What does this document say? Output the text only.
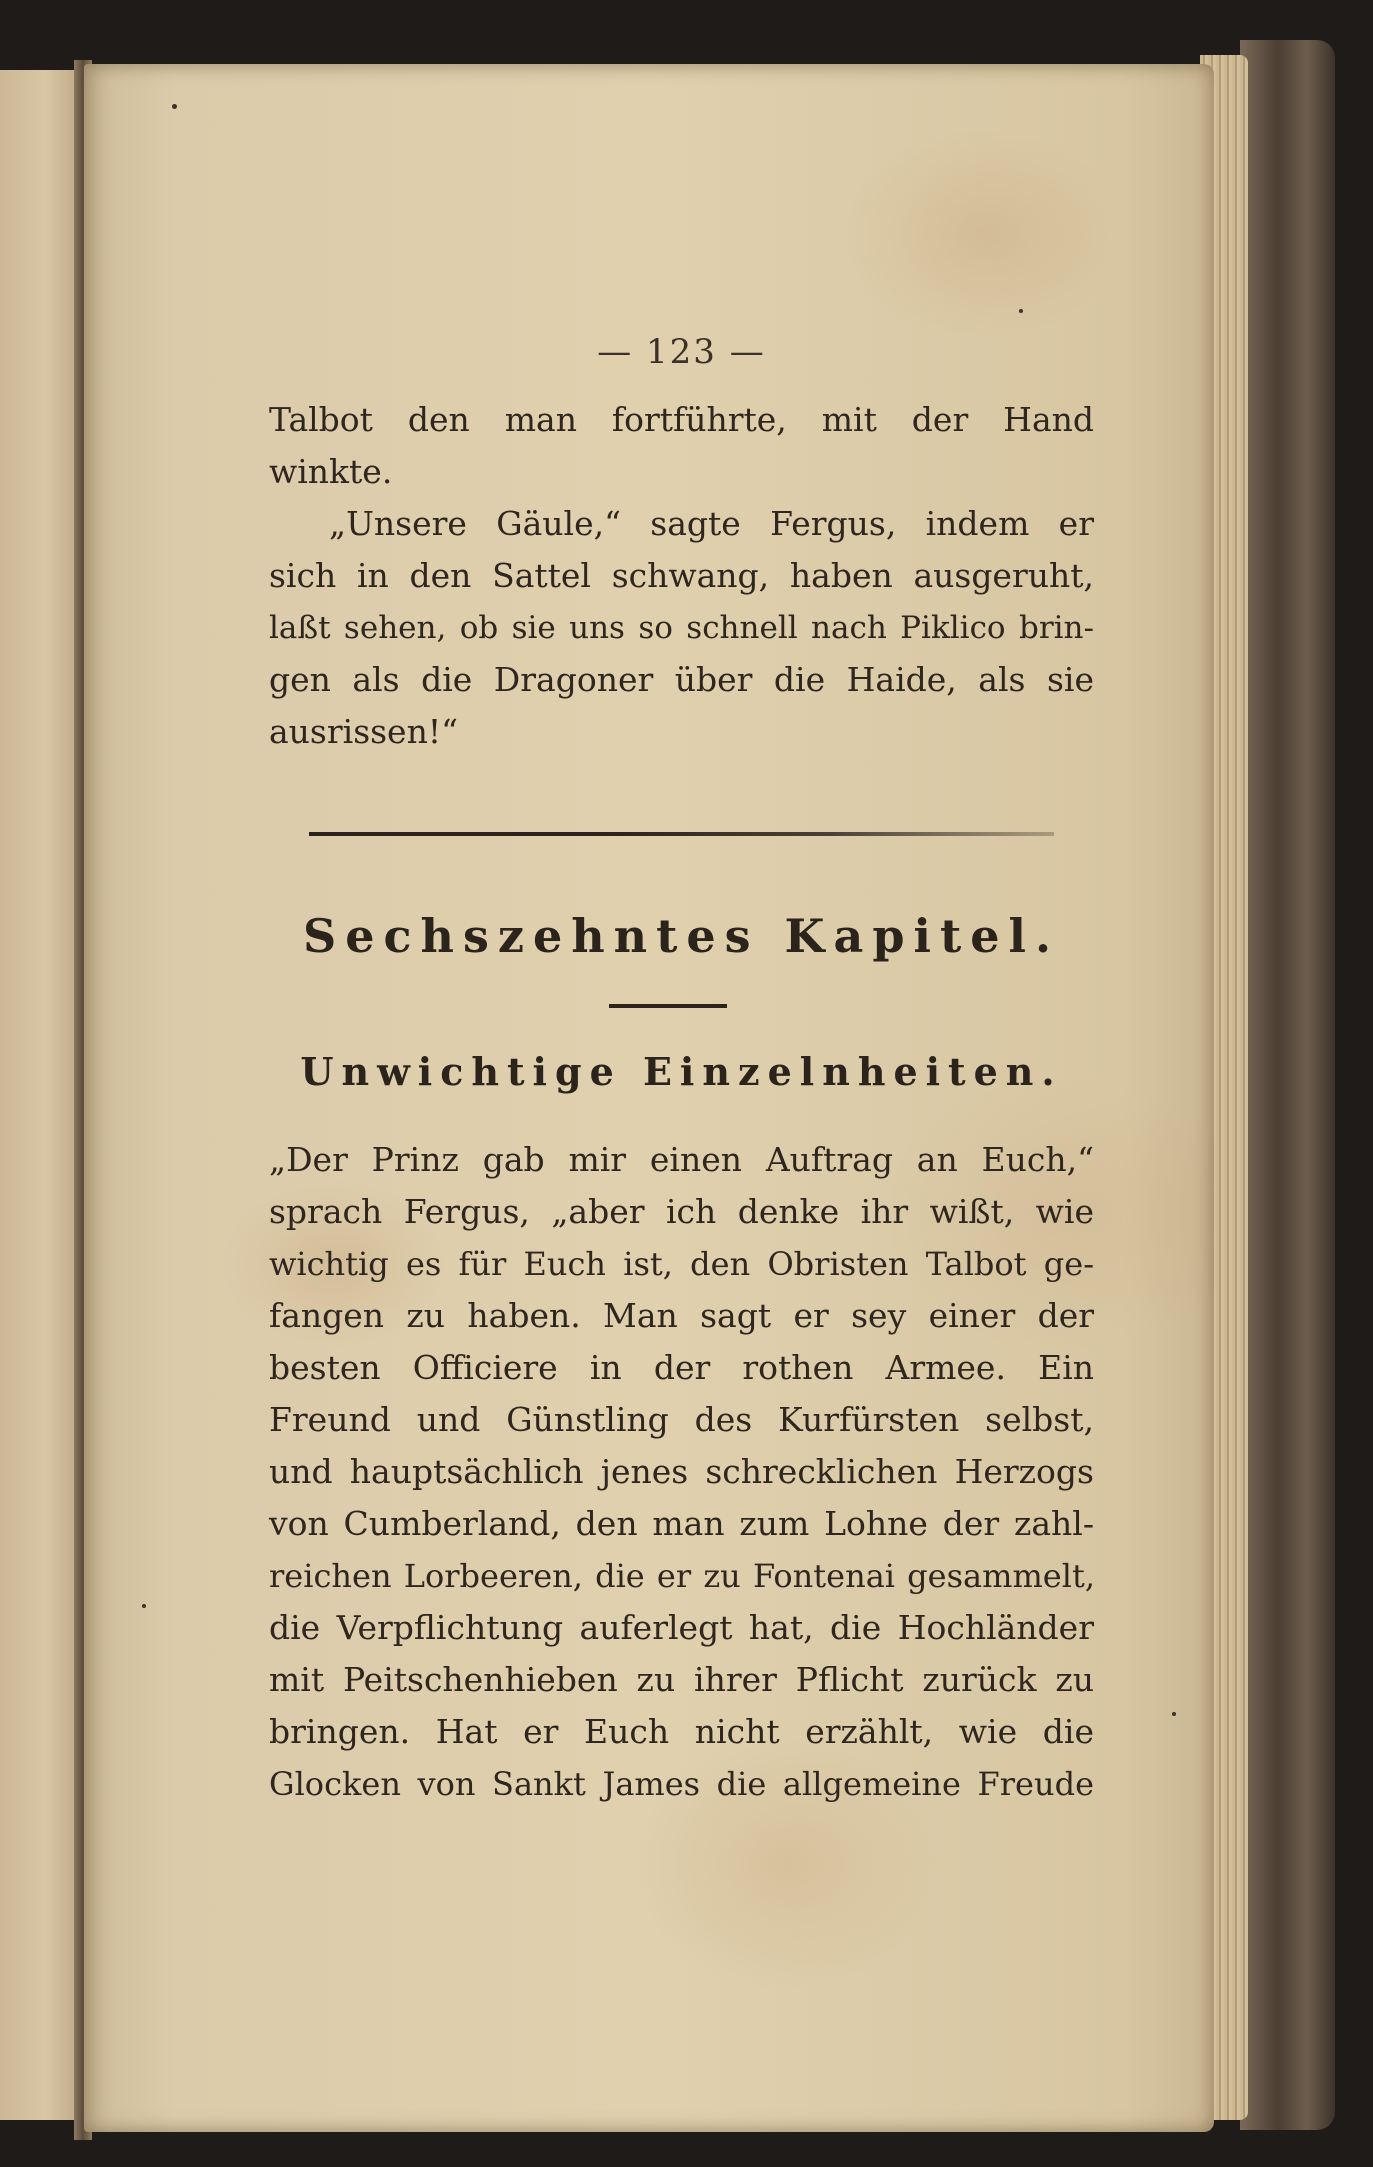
— 123 —
Talbot den man fortführte, mit der Hand
winkte.
„Unsere Gäule,“ sagte Fergus, indem er
sich in den Sattel schwang, haben ausgeruht,
laßt sehen, ob sie uns so schnell nach Piklico brin-
gen als die Dragoner über die Haide, als sie
ausrissen!“
Sechszehntes Kapitel.
Unwichtige Einzelnheiten.
„Der Prinz gab mir einen Auftrag an Euch,“
sprach Fergus, „aber ich denke ihr wißt, wie
wichtig es für Euch ist, den Obristen Talbot ge-
fangen zu haben. Man sagt er sey einer der
besten Officiere in der rothen Armee. Ein
Freund und Günstling des Kurfürsten selbst,
und hauptsächlich jenes schrecklichen Herzogs
von Cumberland, den man zum Lohne der zahl-
reichen Lorbeeren, die er zu Fontenai gesammelt,
die Verpflichtung auferlegt hat, die Hochländer
mit Peitschenhieben zu ihrer Pflicht zurück zu
bringen. Hat er Euch nicht erzählt, wie die
Glocken von Sankt James die allgemeine Freude
